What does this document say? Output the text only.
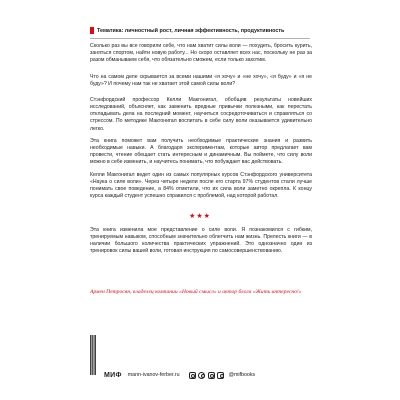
Тематика: личностный рост, личная эффективность, продуктивность

Сколько раз вы все говорили себе, что нам хватит силы воли — похудеть, бросить курить, заняться спортом, найти новую работу... Но скоро оставляет всех нас, поскольку не раз за разом обманываем себя, что обязательно сможем, если только захотим.

Что на самом деле скрывается за всеми нашими «я хочу» и «не хочу», «я буду» и «я не буду»? И почему нам так не хватает этой самой силы воли?

Стэнфордский профессор Келли Макгонигал, обобщив результаты новейших исследований, объясняет, как заменить вредные привычки полезными, как перестать откладывать дела на последний момент, научиться сосредоточиваться и справляться со стрессом. По методике Макгонигал воспитать в себе силу воли оказывается удивительно легко.

Эта книга поможет вам получить необходимые практические знания и развить необходимые навыки. А благодаря экспериментам, которые автор предлагает вам провести, чтение обещает стать интересным и динамичным. Вы поймете, что силу воли можно в себе изменить, и научитесь понимать, что побуждает вас действовать.

Келли Макгонигал ведет один из самых популярных курсов Стэнфордского университета «Наука о силе воли». Через четыре недели после его старта 97% студентов стали лучше понимать свое поведение, а 84% отметили, что их сила воли заметно окрепла. К концу курса каждый студент успешно справился с проблемой, над которой работал.

★★★

Эта книга изменила мое представление о силе воли. Я познакомился с гибким, тренируемым навыком, способным значительно облегчить нам жизнь. Прелесть книги — в наличии большого количества практических упражнений. Это однозначно один из тренировок силы вашей воли, готовая инструкция по самосовершенствованию.

Армен Петросян, владелец компании «Новый смысл» и автор блога «Жить интересно!»

МИФ mann-ivanov-ferber.ru	@mifbooks
